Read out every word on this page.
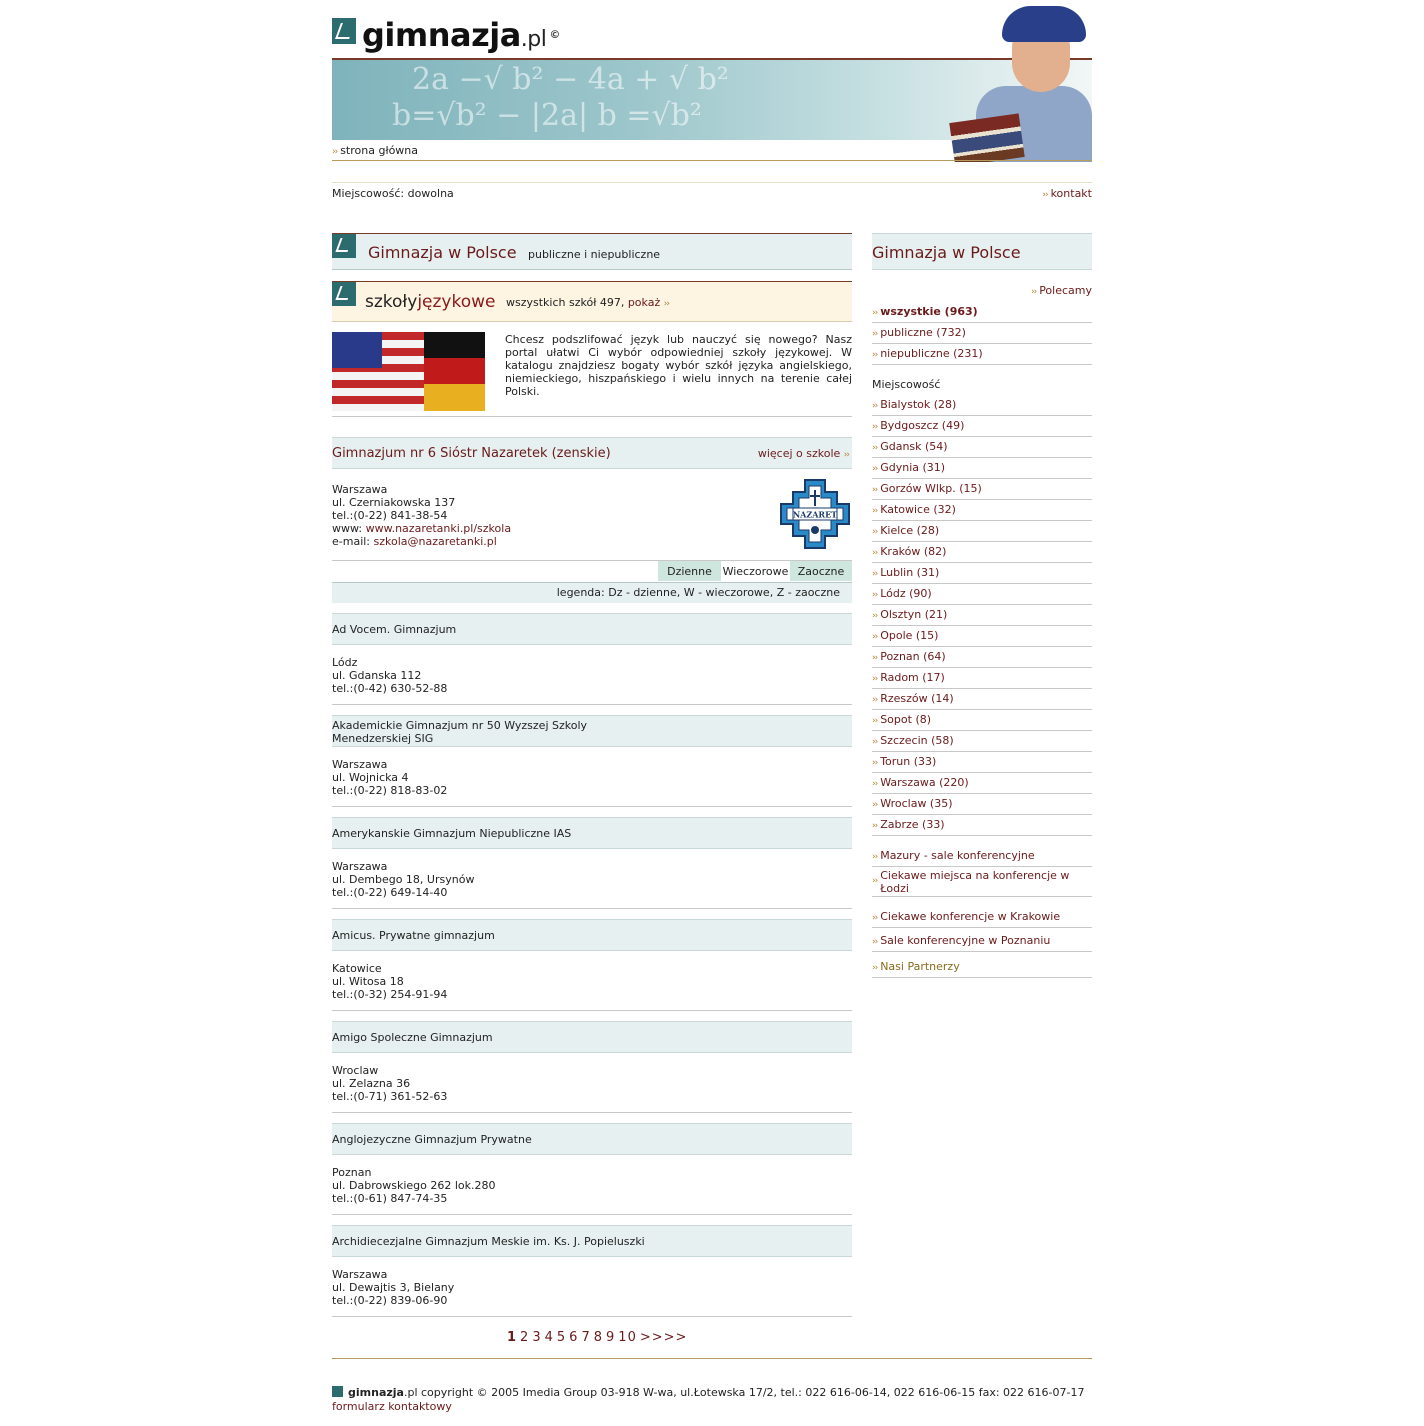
gimnazja.pl ©
2a −√ b² − 4a + √ b²
b=√b² − |2a| b =√b²
›› strona główna
Miejscowość: dowolna	›› kontakt
Gimnazja w Polsce publiczne i niepubliczne
szkołyjęzykowe wszystkich szkół 497, pokaż ››
Chcesz podszlifować język lub nauczyć się nowego? Nasz portal ułatwi Ci wybór odpowiedniej szkoły językowej. W katalogu znajdziesz bogaty wybór szkół języka angielskiego, niemieckiego, hiszpańskiego i wielu innych na terenie całej Polski.
Gimnazjum nr 6 Sióstr Nazaretek (zenskie)	więcej o szkole ››
Warszawa
ul. Czerniakowska 137
tel.:(0-22) 841-38-54
www: www.nazaretanki.pl/szkola
e-mail: szkola@nazaretanki.pl
NAZARET
Dzienne Wieczorowe Zaoczne
legenda: Dz - dzienne, W - wieczorowe, Z - zaoczne
Ad Vocem. Gimnazjum
Lódz
ul. Gdanska 112
tel.:(0-42) 630-52-88
Akademickie Gimnazjum nr 50 Wyzszej Szkoly Menedzerskiej SIG
Warszawa
ul. Wojnicka 4
tel.:(0-22) 818-83-02
Amerykanskie Gimnazjum Niepubliczne IAS
Warszawa
ul. Dembego 18, Ursynów
tel.:(0-22) 649-14-40
Amicus. Prywatne gimnazjum
Katowice
ul. Witosa 18
tel.:(0-32) 254-91-94
Amigo Spoleczne Gimnazjum
Wroclaw
ul. Zelazna 36
tel.:(0-71) 361-52-63
Anglojezyczne Gimnazjum Prywatne
Poznan
ul. Dabrowskiego 262 lok.280
tel.:(0-61) 847-74-35
Archidiecezjalne Gimnazjum Meskie im. Ks. J. Popieluszki
Warszawa
ul. Dewajtis 3, Bielany
tel.:(0-22) 839-06-90
1 2 3 4 5 6 7 8 9 10 >>>>
Gimnazja w Polsce
›› Polecamy
›› wszystkie (963)
›› publiczne (732)
›› niepubliczne (231)
Miejscowość
›› Bialystok (28)
›› Bydgoszcz (49)
›› Gdansk (54)
›› Gdynia (31)
›› Gorzów Wlkp. (15)
›› Katowice (32)
›› Kielce (28)
›› Kraków (82)
›› Lublin (31)
›› Lódz (90)
›› Olsztyn (21)
›› Opole (15)
›› Poznan (64)
›› Radom (17)
›› Rzeszów (14)
›› Sopot (8)
›› Szczecin (58)
›› Torun (33)
›› Warszawa (220)
›› Wroclaw (35)
›› Zabrze (33)
›› Mazury - sale konferencyjne
›› Ciekawe miejsca na konferencje w Łodzi
›› Ciekawe konferencje w Krakowie
›› Sale konferencyjne w Poznaniu
›› Nasi Partnerzy
gimnazja.pl copyright © 2005 Imedia Group 03-918 W-wa, ul.Łotewska 17/2, tel.: 022 616-06-14, 022 616-06-15 fax: 022 616-07-17 formularz kontaktowy
